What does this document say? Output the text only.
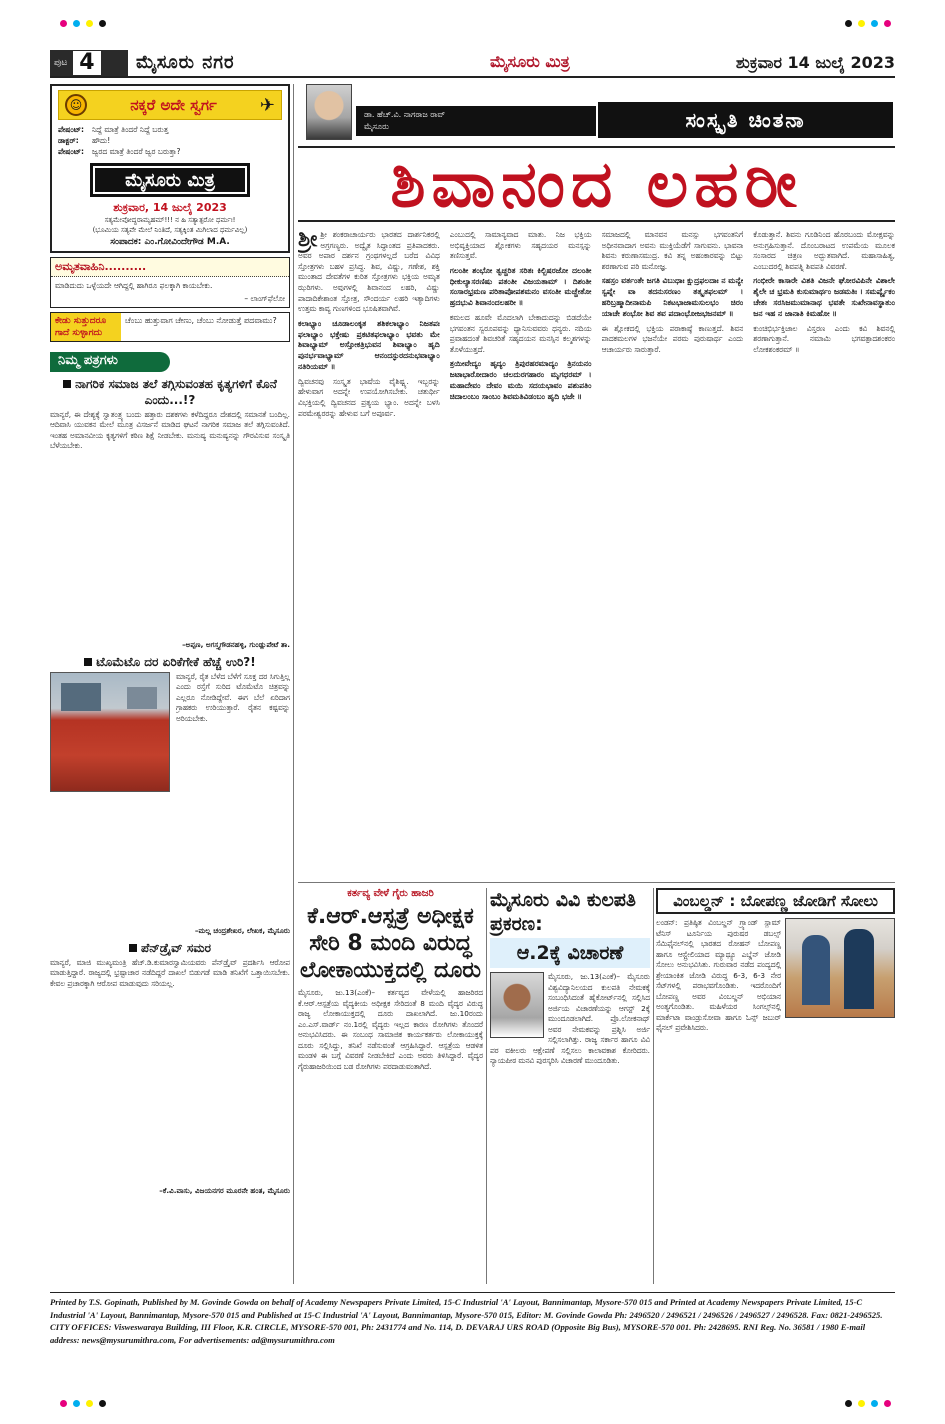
ಪುಟ 4	ಮೈಸೂರು ನಗರ	ಮೈಸೂರು ಮಿತ್ರ	ಶುಕ್ರವಾರ 14 ಜುಲೈ 2023
☺	ನಕ್ಕರೆ ಅದೇ ಸ್ವರ್ಗ ✈
ಪೇಷಂಟ್:	ನಿದ್ದೆ ಮಾತ್ರೆ ತಿಂದರೆ ನಿದ್ದೆ ಬರುತ್ತ
ಡಾಕ್ಟರ್:	ಹೌದು!
ಪೇಷಂಟ್:	ಜ್ವರದ ಮಾತ್ರೆ ತಿಂದರೆ ಜ್ವರ ಬರುತ್ತಾ?
ಮೈಸೂರು ಮಿತ್ರ
ಶುಕ್ರವಾರ, 14 ಜುಲೈ 2023
ಸತ್ಯಮೇವೋದ್ಧರಾಮ್ಯಹಮ್!!! ನ ಹಿ ಸತ್ಯಾತ್ಪರೋ ಧರ್ಮಃ!
(ಭೂಮಿಯ ಸತ್ಯವೇ ಮೇಲೆ ನಿಂತಿದೆ, ಸತ್ಯಕ್ಕಿಂತ ಮಿಗಿಲಾದ ಧರ್ಮವಿಲ್ಲ)
ಸಂಪಾದಕ: ಎಂ.ಗೋವಿಂದೇಗೌಡ M.A.
ಅಮೃತವಾಹಿನಿ..........
ಮಾಡಿದುದು ಒಳ್ಳೆಯದೇ ಆಗಿದ್ದಲ್ಲಿ ಹಾಗಿರೂ ಫಲಕ್ಕಾಗಿ ಕಾಯಬೇಕು.
– ಲಾಂಗ್‌ಫೆಲೋ
ಕೇಡು ಸುತ್ತುದರೂ ಗಾದೆ ಸುಳ್ಳಾಗದು
ಚೆಂಬು ಹುತ್ತುವಾಗ ಚೇಣು, ಚೆಂಬು ನೋಡುತ್ತೆ ಪದವಾಮು?
ನಿಮ್ಮ ಪತ್ರಗಳು
ನಾಗರಿಕ ಸಮಾಜ ತಲೆ ತಗ್ಗಿಸುವಂತಹ ಕೃತ್ಯಗಳಿಗೆ ಕೊನೆ ಎಂದು...!?
ಮಾನ್ಯರೆ, ಈ ದೇಶ್ಯಕ್ಕೆ ಸ್ವಾತಂತ್ರ್ಯ ಬಂದು ಹತ್ತಾರು ದಶಕಗಳು ಕಳೆದಿದ್ದರೂ ದೇಶದಲ್ಲಿ ಸಮಾನತೆ ಬಂದಿಲ್ಲ. ಆದಿವಾಸಿ ಯುವಕನ ಮೇಲೆ ಮೂತ್ರ ವಿಸರ್ಜನೆ ಮಾಡಿದ ಘಟನೆ ನಾಗರಿಕ ಸಮಾಜ ತಲೆ ತಗ್ಗಿಸುವಂತಿದೆ. ಇಂತಹ ಅಮಾನವೀಯ ಕೃತ್ಯಗಳಿಗೆ ಕಠಿಣ ಶಿಕ್ಷೆ ನೀಡಬೇಕು. ಮನುಷ್ಯ ಮನುಷ್ಯನನ್ನು ಗೌರವಿಸುವ ಸಂಸ್ಕೃತಿ ಬೆಳೆಯಬೇಕು.
–ಅಪ್ಪಣ, ಅಗಸ್ತ್ಯಗೌಡನಹಳ್ಳಿ, ಗುಂಡ್ಲುಪೇಟೆ ತಾ.
ಟೊಮೆಟೊ ದರ ಏರಿಕೆಗೇಕೆ ಹೆಚ್ಚೆ ಉರಿ?!
ಮಾನ್ಯರೆ, ರೈತ ಬೆಳೆದ ಬೆಳೆಗೆ ಸೂಕ್ತ ದರ ಸಿಗುತ್ತಿಲ್ಲ ಎಂದು ರಸ್ತೆಗೆ ಸುರಿದ ಟೊಮೆಟೊ ಚಿತ್ರವನ್ನು ಎಲ್ಲರೂ ನೋಡಿದ್ದೇವೆ. ಈಗ ಬೆಲೆ ಏರಿದಾಗ ಗ್ರಾಹಕರು ಉರಿಯುತ್ತಾರೆ. ರೈತನ ಕಷ್ಟವನ್ನು ಅರಿಯಬೇಕು.
–ಮಲ್ಲ ಚಂದ್ರಶೇಖರ, ಲೇಖಕ, ಮೈಸೂರು
ಪೆನ್‌ಡ್ರೈವ್ ಸಮರ
ಮಾನ್ಯರೆ, ಮಾಜಿ ಮುಖ್ಯಮಂತ್ರಿ ಹೆಚ್.ಡಿ.ಕುಮಾರಸ್ವಾಮಿಯವರು ಪೆನ್‌ಡ್ರೈವ್ ಪ್ರದರ್ಶಿಸಿ ಆರೋಪ ಮಾಡುತ್ತಿದ್ದಾರೆ. ರಾಜ್ಯದಲ್ಲಿ ಭ್ರಷ್ಟಾಚಾರ ನಡೆದಿದ್ದರೆ ದಾಖಲೆ ಬಿಡುಗಡೆ ಮಾಡಿ ತನಿಖೆಗೆ ಒತ್ತಾಯಿಸಬೇಕು. ಕೇವಲ ಪ್ರಚಾರಕ್ಕಾಗಿ ಆರೋಪ ಮಾಡುವುದು ಸರಿಯಲ್ಲ.
–ಕೆ.ವಿ.ವಾಸು, ವಿಜಯನಗರ ಮೂರನೇ ಹಂತ, ಮೈಸೂರು
ಡಾ. ಹೆಚ್.ವಿ. ನಾಗರಾಜ ರಾವ್
ಮೈಸೂರು	ಸಂಸ್ಕೃತಿ ಚಿಂತನಾ
ಶಿವಾನಂದ ಲಹರೀ

ಶ್ರೀ ಶ್ರೀ ಶಂಕರಾಚಾರ್ಯರು ಭಾರತದ ದಾರ್ಶನಿಕರಲ್ಲಿ ಅಗ್ರಗಣ್ಯರು. ಅದ್ವೈತ ಸಿದ್ಧಾಂತದ ಪ್ರತಿಪಾದಕರು. ಅವರ ಅಪಾರ ದರ್ಶನ ಗ್ರಂಥಗಳಲ್ಲದೆ ಬರೆದ ವಿವಿಧ ಸ್ತೋತ್ರಗಳು ಬಹಳ ಪ್ರಸಿದ್ಧ. ಶಿವ, ವಿಷ್ಣು, ಗಣೇಶ, ಶಕ್ತಿ ಮುಂತಾದ ದೇವತೆಗಳ ಕುರಿತ ಸ್ತೋತ್ರಗಳು ಭಕ್ತಿಯ ಅಮೃತ ಝರಿಗಳು. ಅವುಗಳಲ್ಲಿ ಶಿವಾನಂದ ಲಹರಿ, ವಿಷ್ಣು ಪಾದಾದಿಕೇಶಾಂತ ಸ್ತೋತ್ರ, ಸೌಂದರ್ಯ ಲಹರಿ ಇತ್ಯಾದಿಗಳು ಉತ್ತಮ ಕಾವ್ಯ ಗುಣಗಳಿಂದ ಭೂಷಿತವಾಗಿವೆ.

ಕಲಾಭ್ಯಾಂ ಚೂಡಾಲಂಕೃತ ಶಶಿಕಲಾಭ್ಯಾಂ ನಿಜತಪಃ ಫಲಾಭ್ಯಾಂ ಭಕ್ತೇಷು ಪ್ರಕಟಿತಫಲಾಭ್ಯಾಂ ಭವತು ಮೇ ಶಿವಾಭ್ಯಾಮ್ ಅಸ್ತೋಕತ್ರಿಭುವನ ಶಿವಾಭ್ಯಾಂ ಹೃದಿ ಪುನರ್ಭವಾಭ್ಯಾಮ್ ಆನಂದಸ್ಫುರದನುಭವಾಭ್ಯಾಂ ನತಿರಿಯಮ್ ॥

ದ್ವಿವಚನವು ಸಂಸ್ಕೃತ ಭಾಷೆಯ ವೈಶಿಷ್ಟ್ಯ. ಇಬ್ಬರನ್ನು ಹೇಳುವಾಗ ಅದನ್ನೇ ಉಪಯೋಗಿಸಬೇಕು. ಚತುರ್ಥೀ ವಿಭಕ್ತಿಯಲ್ಲಿ ದ್ವಿವಚನದ ಪ್ರತ್ಯಯ ಭ್ಯಾಂ. ಅದನ್ನೇ ಬಳಸಿ ಪರಮೇಶ್ವರರನ್ನು ಹೇಳುವ ಬಗೆ ಅಪೂರ್ವ.

ಎಂಬುದಲ್ಲಿ ಸಾಮಾನ್ಯವಾದ ಮಾತು. ನಿಜ ಭಕ್ತಿಯ ಅಭಿವ್ಯಕ್ತಿಯಾದ ಶ್ಲೋಕಗಳು ಸಹೃದಯರ ಮನಸ್ಸನ್ನು ತಣಿಸುತ್ತವೆ.

ಗಲಂತೀ ಶಂಭೋ ತ್ವಚ್ಚರಿತ ಸರಿತಃ ಕಿಲ್ಬಿಷರಜೋ ದಲಂತೀ ಧೀಕುಲ್ಯಾಸರಣಿಷು ಪತಂತೀ ವಿಜಯತಾಮ್ । ದಿಶಂತೀ ಸಂಸಾರಭ್ರಮಣ ಪರಿತಾಪೋಪಶಮನಂ ವಸಂತೀ ಮಚ್ಚೇತೋ ಹ್ರದಭುವಿ ಶಿವಾನಂದಲಹರೀ ॥

ಕಮಲದ ಹೂವೇ ಮೊದಲಾಗಿ ಬೇಕಾದುದನ್ನು ಬಿಡದೆಯೇ ಭಗವಂತನ ಸ್ವರೂಪವನ್ನು ಧ್ಯಾನಿಸುವವರು ಧನ್ಯರು. ನದಿಯ ಪ್ರವಾಹದಂತೆ ಶಿವಚರಿತೆ ಸಹೃದಯನ ಮನಸ್ಸಿನ ಕಲ್ಮಶಗಳನ್ನು ತೊಳೆಯುತ್ತದೆ.

ತ್ರಯೀವೇದ್ಯಂ ಹೃದ್ಯಂ ತ್ರಿಪುರಹರಮಾದ್ಯಂ ತ್ರಿನಯನಂ ಜಟಾಭಾರೋದಾರಂ ಚಲದುರಗಹಾರಂ ಮೃಗಧರಮ್ । ಮಹಾದೇವಂ ದೇವಂ ಮಯಿ ಸದಯಭಾವಂ ಪಶುಪತಿಂ ಚಿದಾಲಂಬಂ ಸಾಂಬಂ ಶಿವಮತಿವಿಡಂಬಂ ಹೃದಿ ಭಜೇ ॥

ಸಮಾಜದಲ್ಲಿ ಮಾನವನ ಮನಸ್ಸು ಭಗವಂತನಿಗೆ ಅಧೀನವಾದಾಗ ಅವನು ಮುಕ್ತಿಯೆಡೆಗೆ ಸಾಗುವನು. ಭಾವನಾ ಶಿವನು ಕರುಣಾಸಮುದ್ರ. ಕವಿ ತನ್ನ ಅಹಂಕಾರವನ್ನು ಬಿಟ್ಟು ಶರಣಾಗುವ ಪರಿ ಮನೋಜ್ಞ.

ಸಹಸ್ರಂ ವರ್ತಂತೇ ಜಗತಿ ವಿಬುಧಾಃ ಕ್ಷುದ್ರಫಲದಾಃ ನ ಮನ್ಯೇ ಸ್ವಪ್ನೇ ವಾ ತದನುಸರಣಂ ತತ್ಕೃತಫಲಮ್ । ಹರಿಬ್ರಹ್ಮಾದೀನಾಮಪಿ ನಿಕಟಭಾಜಾಮಸುಲಭಂ ಚಿರಂ ಯಾಚೇ ಶಂಭೋ ಶಿವ ತವ ಪದಾಂಭೋಜಭಜನಮ್ ॥

ಈ ಶ್ಲೋಕದಲ್ಲಿ ಭಕ್ತಿಯ ಪರಾಕಾಷ್ಠೆ ಕಾಣುತ್ತದೆ. ಶಿವನ ಪಾದಕಮಲಗಳ ಭಜನೆಯೇ ಪರಮ ಪುರುಷಾರ್ಥ ಎಂದು ಆಚಾರ್ಯರು ಸಾರುತ್ತಾರೆ.

ಕೊಡುತ್ತಾನೆ. ಶಿವನು ಗೂಡಿನಿಂದ ಹೊರಬಂದು ಮೋಕ್ಷವನ್ನು ಅನುಗ್ರಹಿಸುತ್ತಾನೆ. ದೊಂಬರಾಟದ ಉಪಮೆಯ ಮೂಲಕ ಸಂಸಾರದ ಚಿತ್ರಣ ಅದ್ಭುತವಾಗಿದೆ. ಮಹಾಸಾಹಿತ್ಯ, ಎಂಬುದರಲ್ಲಿ ಶಿವಪತ್ನಿ ಶಿವಪತಿ ವಿವರಣೆ.

ಗಂಭೀರೇ ಕಾಸಾರೇ ವಿಶತಿ ವಿಜನೇ ಘೋರವಿಪಿನೇ ವಿಶಾಲೇ ಶೈಲೇ ಚ ಭ್ರಮತಿ ಕುಸುಮಾರ್ಥಂ ಜಡಮತಿಃ । ಸಮರ್ಪ್ಯೈಕಂ ಚೇತಃ ಸರಸಿಜಮುಮಾನಾಥ ಭವತೇ ಸುಖೇನಾವಸ್ಥಾತುಂ ಜನ ಇಹ ನ ಜಾನಾತಿ ಕಿಮಹೋ ॥

ಕುಂಚಿಭಿರ್ಭಕ್ತಿಜಾಲ ವಿಸ್ತರಣ ಎಂದು ಕವಿ ಶಿವನಲ್ಲಿ ಶರಣಾಗುತ್ತಾನೆ. ನಮಾಮಿ ಭಗವತ್ಪಾದಶಂಕರಂ ಲೋಕಶಂಕರಮ್ ॥

ಕರ್ತವ್ಯ ವೇಳೆ ಗೈರು ಹಾಜರಿ
ಕೆ.ಆರ್.ಆಸ್ಪತ್ರೆ ಅಧೀಕ್ಷಕ ಸೇರಿ 8 ಮಂದಿ ವಿರುದ್ಧ ಲೋಕಾಯುಕ್ತದಲ್ಲಿ ದೂರು
ಮೈಸೂರು, ಜು.13(ಎಂಕೆ)– ಕರ್ತವ್ಯದ ವೇಳೆಯಲ್ಲಿ ಹಾಜರಿರದ ಕೆ.ಆರ್.ಆಸ್ಪತ್ರೆಯ ವೈದ್ಯಕೀಯ ಅಧೀಕ್ಷಕ ಸೇರಿದಂತೆ 8 ಮಂದಿ ವೈದ್ಯರ ವಿರುದ್ಧ ರಾಜ್ಯ ಲೋಕಾಯುಕ್ತದಲ್ಲಿ ದೂರು ದಾಖಲಾಗಿದೆ. ಜು.10ರಂದು ಎಂ.ಎಸ್.ವಾರ್ಡ್ ನಂ.1ರಲ್ಲಿ ವೈದ್ಯರು ಇಲ್ಲದ ಕಾರಣ ರೋಗಿಗಳು ತೊಂದರೆ ಅನುಭವಿಸಿದರು. ಈ ಸಂಬಂಧ ಸಾಮಾಜಿಕ ಕಾರ್ಯಕರ್ತರು ಲೋಕಾಯುಕ್ತಕ್ಕೆ ದೂರು ಸಲ್ಲಿಸಿದ್ದು, ತನಿಖೆ ನಡೆಸುವಂತೆ ಆಗ್ರಹಿಸಿದ್ದಾರೆ. ಆಸ್ಪತ್ರೆಯ ಆಡಳಿತ ಮಂಡಳಿ ಈ ಬಗ್ಗೆ ವಿವರಣೆ ನೀಡಬೇಕಿದೆ ಎಂದು ಅವರು ತಿಳಿಸಿದ್ದಾರೆ. ವೈದ್ಯರ ಗೈರುಹಾಜರಿಯಿಂದ ಬಡ ರೋಗಿಗಳು ಪರದಾಡುವಂತಾಗಿದೆ.
ಮೈಸೂರು ವಿವಿ ಕುಲಪತಿ ಪ್ರಕರಣ:
ಆ.2ಕ್ಕೆ ವಿಚಾರಣೆ
ಮೈಸೂರು, ಜು.13(ಎಂಕೆ)– ಮೈಸೂರು ವಿಶ್ವವಿದ್ಯಾನಿಲಯದ ಕುಲಪತಿ ನೇಮಕಕ್ಕೆ ಸಂಬಂಧಿಸಿದಂತೆ ಹೈಕೋರ್ಟ್‌ನಲ್ಲಿ ಸಲ್ಲಿಸಿದ ಅರ್ಜಿಯ ವಿಚಾರಣೆಯನ್ನು ಆಗಸ್ಟ್ 2ಕ್ಕೆ ಮುಂದೂಡಲಾಗಿದೆ. ಪ್ರೊ.ಲೋಕನಾಥ್ ಅವರ ನೇಮಕವನ್ನು ಪ್ರಶ್ನಿಸಿ ಅರ್ಜಿ ಸಲ್ಲಿಸಲಾಗಿತ್ತು. ರಾಜ್ಯ ಸರ್ಕಾರ ಹಾಗೂ ವಿವಿ ಪರ ವಕೀಲರು ಆಕ್ಷೇಪಣೆ ಸಲ್ಲಿಸಲು ಕಾಲಾವಕಾಶ ಕೋರಿದರು. ನ್ಯಾಯಪೀಠ ಮನವಿ ಪುರಸ್ಕರಿಸಿ ವಿಚಾರಣೆ ಮುಂದೂಡಿತು.
ವಿಂಬಲ್ಡನ್ : ಬೋಪಣ್ಣ ಜೋಡಿಗೆ ಸೋಲು
ಲಂಡನ್: ಪ್ರತಿಷ್ಠಿತ ವಿಂಬಲ್ಡನ್ ಗ್ರ್ಯಾಂಡ್ ಸ್ಲಾಮ್ ಟೆನಿಸ್ ಟೂರ್ನಿಯ ಪುರುಷರ ಡಬಲ್ಸ್ ಸೆಮಿಫೈನಲ್‌ನಲ್ಲಿ ಭಾರತದ ರೋಹನ್ ಬೋಪಣ್ಣ ಹಾಗೂ ಆಸ್ಟ್ರೇಲಿಯಾದ ಮ್ಯಾಥ್ಯೂ ಎಬ್ಡೆನ್ ಜೋಡಿ ಸೋಲು ಅನುಭವಿಸಿತು. ಗುರುವಾರ ನಡೆದ ಪಂದ್ಯದಲ್ಲಿ ಶ್ರೇಯಾಂಕಿತ ಜೋಡಿ ವಿರುದ್ಧ 6-3, 6-3 ನೇರ ಸೆಟ್‌ಗಳಲ್ಲಿ ಪರಾಭವಗೊಂಡಿತು. ಇದರೊಂದಿಗೆ ಬೋಪಣ್ಣ ಅವರ ವಿಂಬಲ್ಡನ್ ಅಭಿಯಾನ ಅಂತ್ಯಗೊಂಡಿತು. ಮಹಿಳೆಯರ ಸಿಂಗಲ್ಸ್‌ನಲ್ಲಿ ಮಾರ್ಕೆಟಾ ವಾಂಡ್ರುಸೋವಾ ಹಾಗೂ ಓನ್ಸ್ ಜಬುರ್ ಫೈನಲ್ ಪ್ರವೇಶಿಸಿದರು.
Printed by T.S. Gopinath, Published by M. Govinde Gowda on behalf of Academy Newspapers Private Limited, 15-C Industrial 'A' Layout, Bannimantap, Mysore-570 015 and Printed at Academy Newspapers Private Limited, 15-C Industrial 'A' Layout, Bannimantap, Mysore-570 015 and Published at 15-C Industrial 'A' Layout, Bannimantap, Mysore-570 015, Editor: M. Govinde Gowda Ph: 2496520 / 2496521 / 2496526 / 2496527 / 2496528. Fax: 0821-2496525. CITY OFFICES: Visweswaraya Building, III Floor, K.R. CIRCLE, MYSORE-570 001, Ph: 2431774 and No. 114, D. DEVARAJ URS ROAD (Opposite Big Bus), MYSORE-570 001. Ph: 2428695. RNI Reg. No. 36581 / 1980 E-mail address: news@mysurumithra.com, For advertisements: ad@mysurumithra.com
